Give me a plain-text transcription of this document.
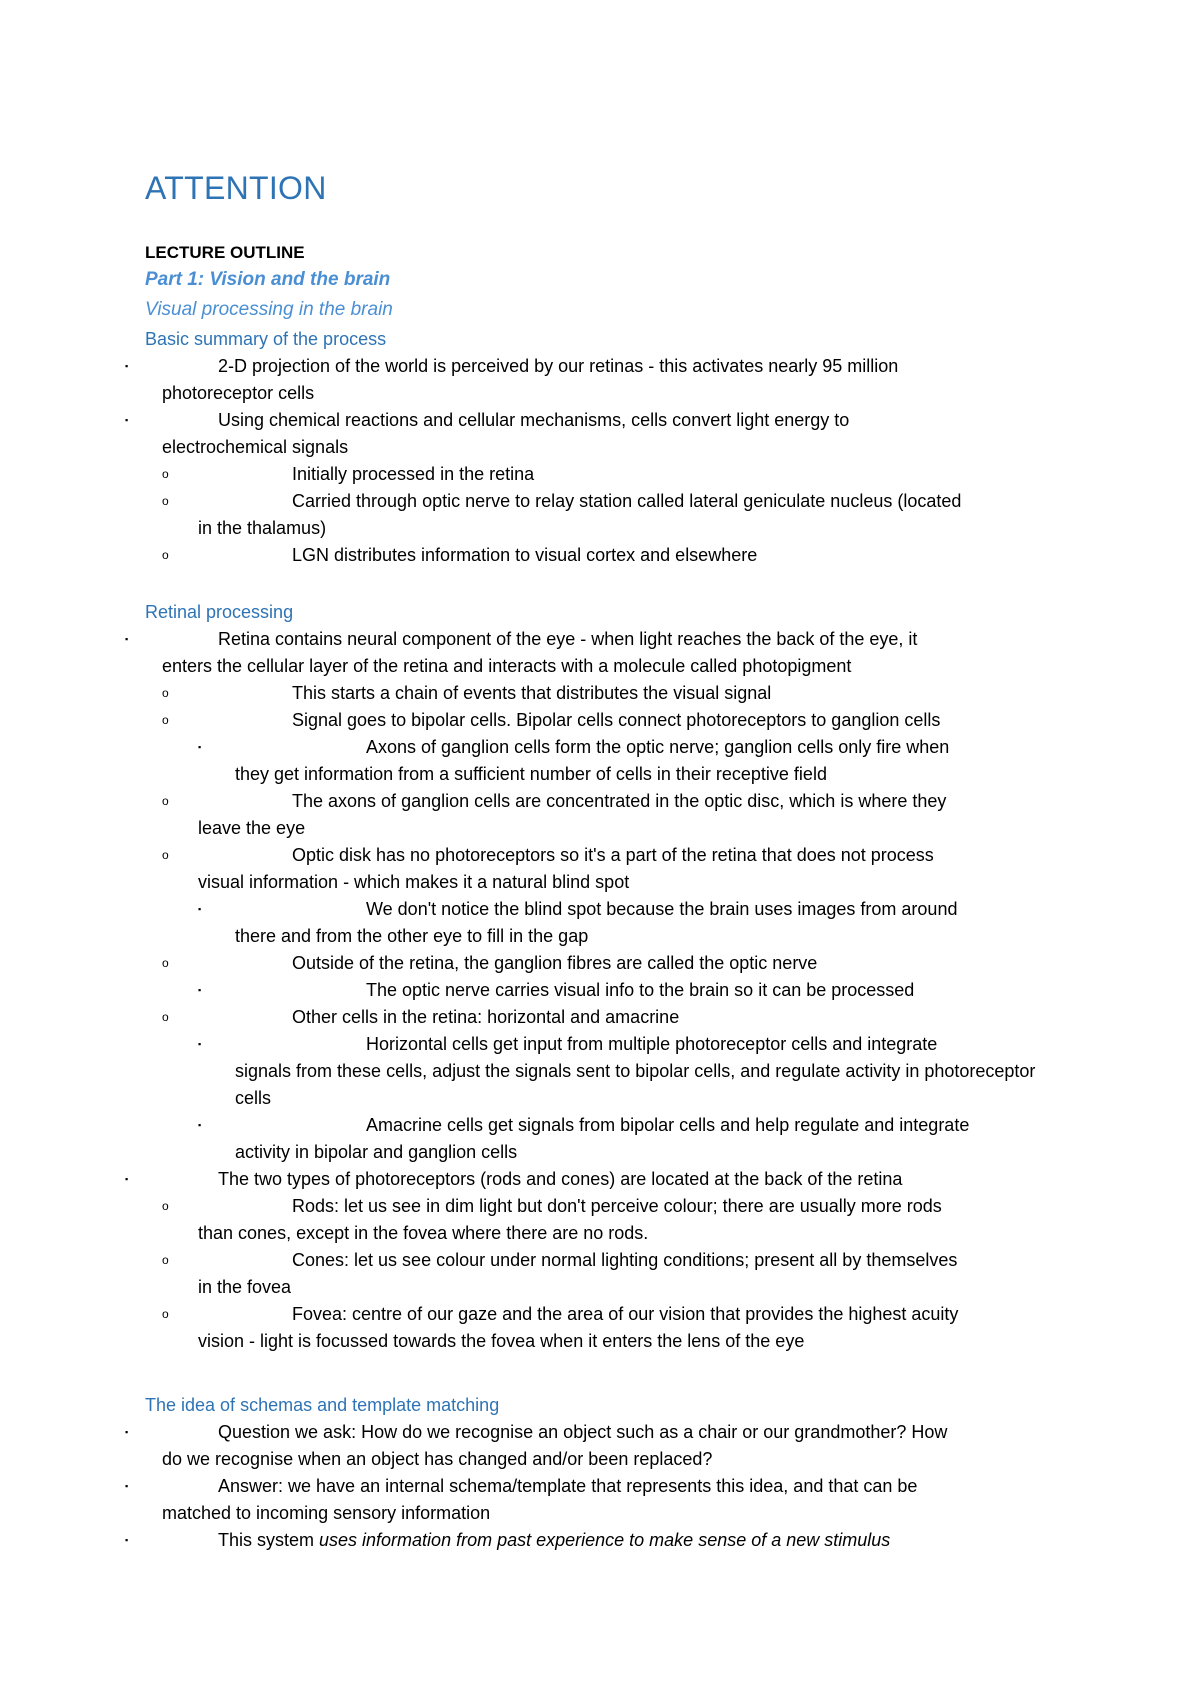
ATTENTION
LECTURE OUTLINE
Part 1: Vision and the brain
Visual processing in the brain
Basic summary of the process
▪	2-D projection of the world is perceived by our retinas - this activates nearly 95 million
photoreceptor cells
▪	Using chemical reactions and cellular mechanisms, cells convert light energy to
electrochemical signals
o	Initially processed in the retina
o	Carried through optic nerve to relay station called lateral geniculate nucleus (located
in the thalamus)
o	LGN distributes information to visual cortex and elsewhere
Retinal processing
▪	Retina contains neural component of the eye - when light reaches the back of the eye, it
enters the cellular layer of the retina and interacts with a molecule called photopigment
o	This starts a chain of events that distributes the visual signal
o	Signal goes to bipolar cells. Bipolar cells connect photoreceptors to ganglion cells
▪	Axons of ganglion cells form the optic nerve; ganglion cells only fire when
they get information from a sufficient number of cells in their receptive field
o	The axons of ganglion cells are concentrated in the optic disc, which is where they
leave the eye
o	Optic disk has no photoreceptors so it's a part of the retina that does not process
visual information - which makes it a natural blind spot
▪	We don't notice the blind spot because the brain uses images from around
there and from the other eye to fill in the gap
o	Outside of the retina, the ganglion fibres are called the optic nerve
▪	The optic nerve carries visual info to the brain so it can be processed
o	Other cells in the retina: horizontal and amacrine
▪	Horizontal cells get input from multiple photoreceptor cells and integrate
signals from these cells, adjust the signals sent to bipolar cells, and regulate activity in photoreceptor cells
▪	Amacrine cells get signals from bipolar cells and help regulate and integrate
activity in bipolar and ganglion cells
▪	The two types of photoreceptors (rods and cones) are located at the back of the retina
o	Rods: let us see in dim light but don't perceive colour; there are usually more rods
than cones, except in the fovea where there are no rods.
o	Cones: let us see colour under normal lighting conditions; present all by themselves
in the fovea
o	Fovea: centre of our gaze and the area of our vision that provides the highest acuity
vision - light is focussed towards the fovea when it enters the lens of the eye
The idea of schemas and template matching
▪	Question we ask: How do we recognise an object such as a chair or our grandmother? How
do we recognise when an object has changed and/or been replaced?
▪	Answer: we have an internal schema/template that represents this idea, and that can be
matched to incoming sensory information
▪	This system uses information from past experience to make sense of a new stimulus
